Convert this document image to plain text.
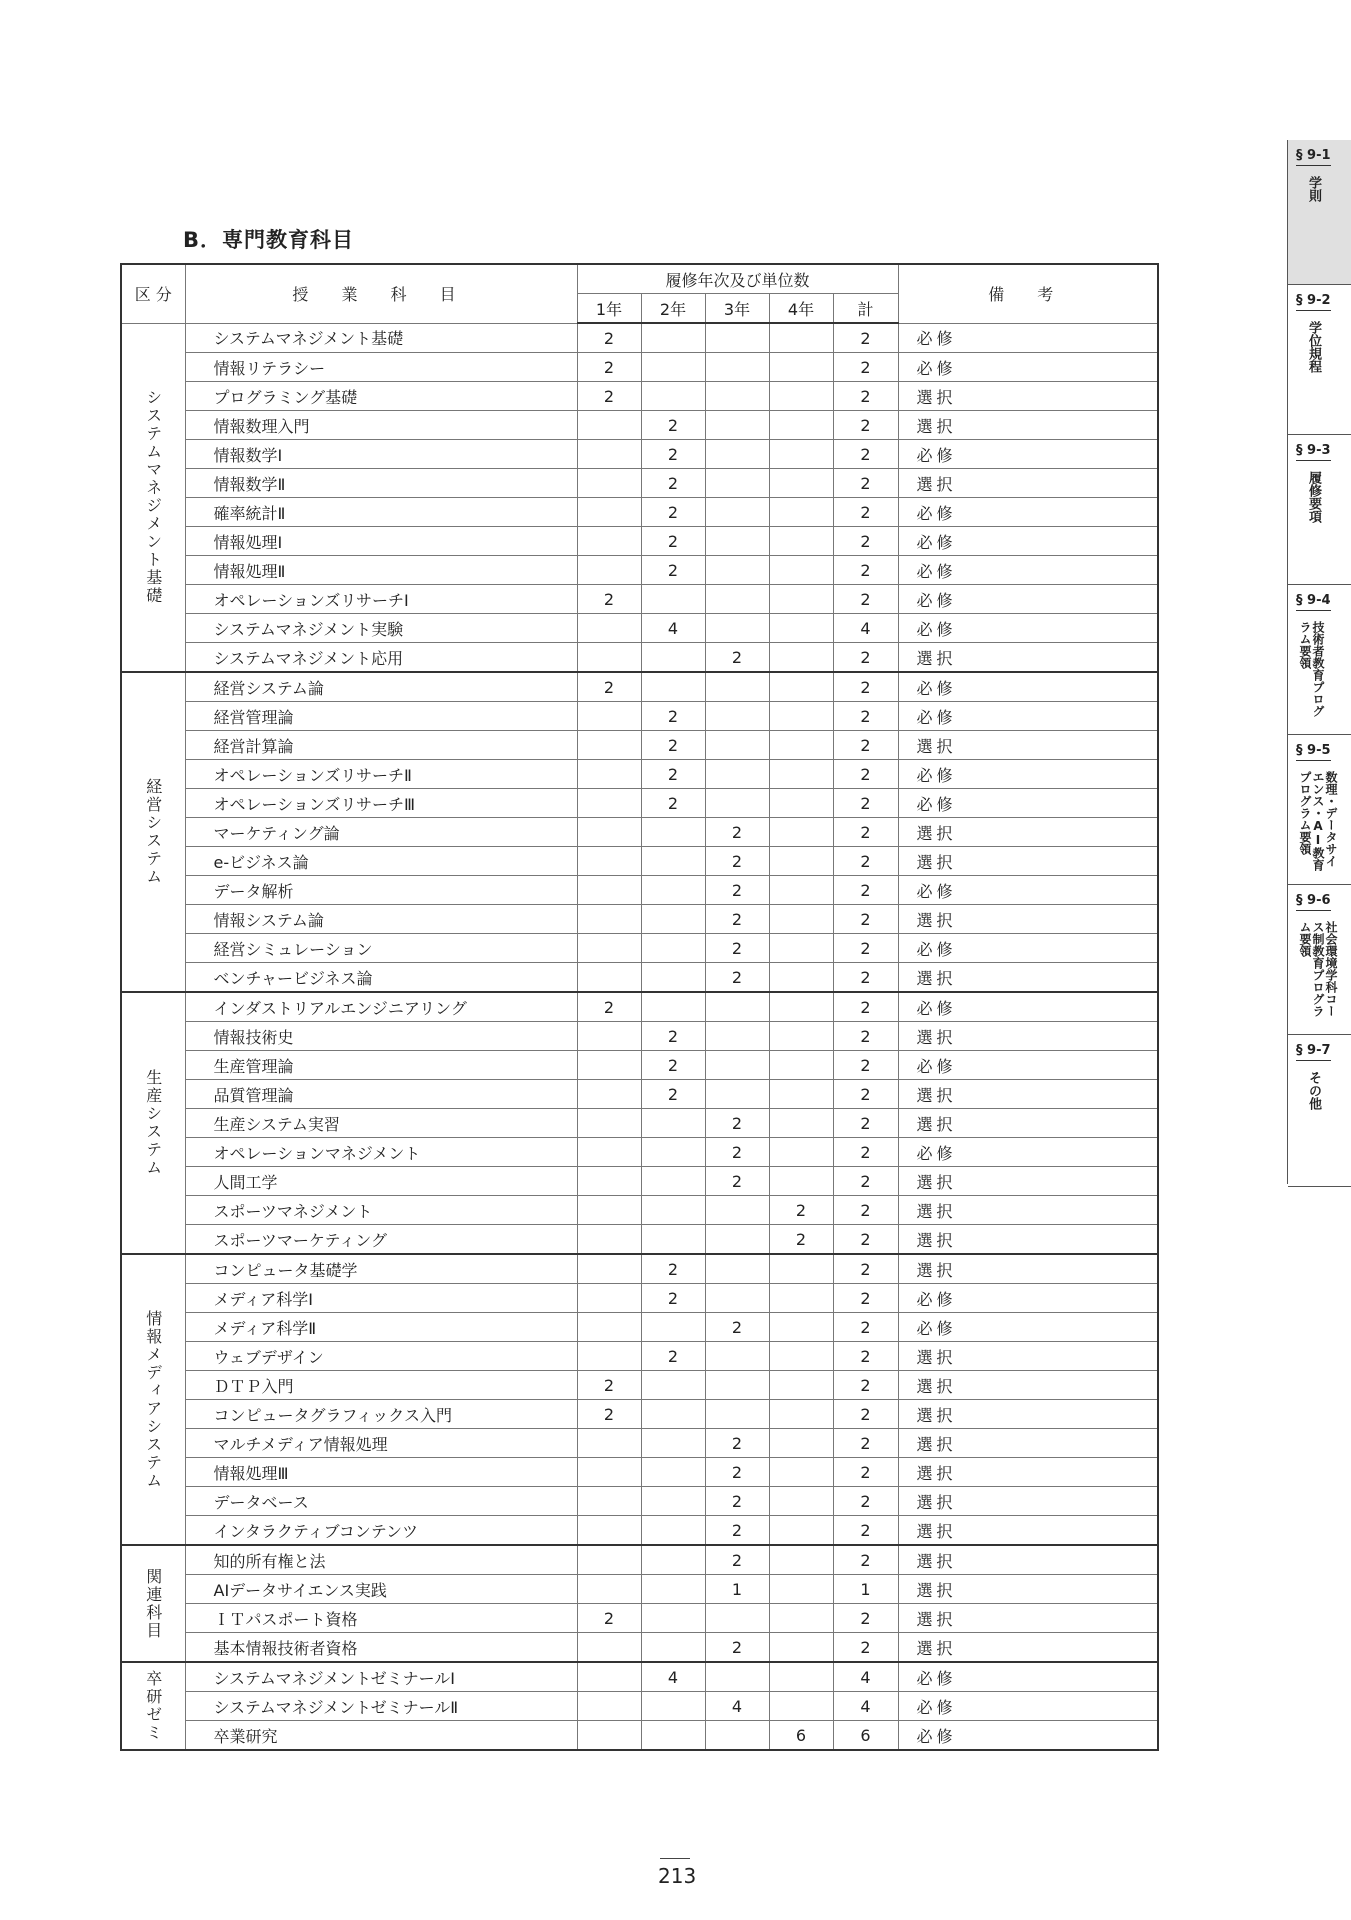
B．専門教育科目
区 分	授 業 科 目	履修年次及び単位数					備 考
		1年	2年	3年	4年	計	
システムマネジメント基礎	システムマネジメント基礎	2				2	必修
	情報リテラシー	2				2	必修
	プログラミング基礎	2				2	選択
	情報数理入門		2			2	選択
	情報数学Ⅰ		2			2	必修
	情報数学Ⅱ		2			2	選択
	確率統計Ⅱ		2			2	必修
	情報処理Ⅰ		2			2	必修
	情報処理Ⅱ		2			2	必修
	オペレーションズリサーチⅠ	2				2	必修
	システムマネジメント実験		4			4	必修
	システムマネジメント応用			2		2	選択
経営システム	経営システム論	2				2	必修
	経営管理論		2			2	必修
	経営計算論		2			2	選択
	オペレーションズリサーチⅡ		2			2	必修
	オペレーションズリサーチⅢ		2			2	必修
	マーケティング論			2		2	選択
	e-ビジネス論			2		2	選択
	データ解析			2		2	必修
	情報システム論			2		2	選択
	経営シミュレーション			2		2	必修
	ベンチャービジネス論			2		2	選択
生産システム	インダストリアルエンジニアリング	2				2	必修
	情報技術史		2			2	選択
	生産管理論		2			2	必修
	品質管理論		2			2	選択
	生産システム実習			2		2	選択
	オペレーションマネジメント			2		2	必修
	人間工学			2		2	選択
	スポーツマネジメント				2	2	選択
	スポーツマーケティング				2	2	選択
情報メディアシステム	コンピュータ基礎学		2			2	選択
	メディア科学Ⅰ		2			2	必修
	メディア科学Ⅱ			2		2	必修
	ウェブデザイン		2			2	選択
	ＤＴＰ入門	2				2	選択
	コンピュータグラフィックス入門	2				2	選択
	マルチメディア情報処理			2		2	選択
	情報処理Ⅲ			2		2	選択
	データベース			2		2	選択
	インタラクティブコンテンツ			2		2	選択
関連科目	知的所有権と法			2		2	選択
	AIデータサイエンス実践			1		1	選択
	ＩＴパスポート資格	2				2	選択
	基本情報技術者資格			2		2	選択
卒研ゼミ	システムマネジメントゼミナールⅠ		4			4	必修
	システムマネジメントゼミナールⅡ			4		4	必修
	卒業研究				6	6	必修
§ 9-1
学則
§ 9-2
学位規程
§ 9-3
履修要項
§ 9-4
技術者教育プログラム要領
§ 9-5
数理・データサイエンス・AI教育プログラム要領
§ 9-6
社会環境学科コース制教育プログラム要領
§ 9-7
その他
213
